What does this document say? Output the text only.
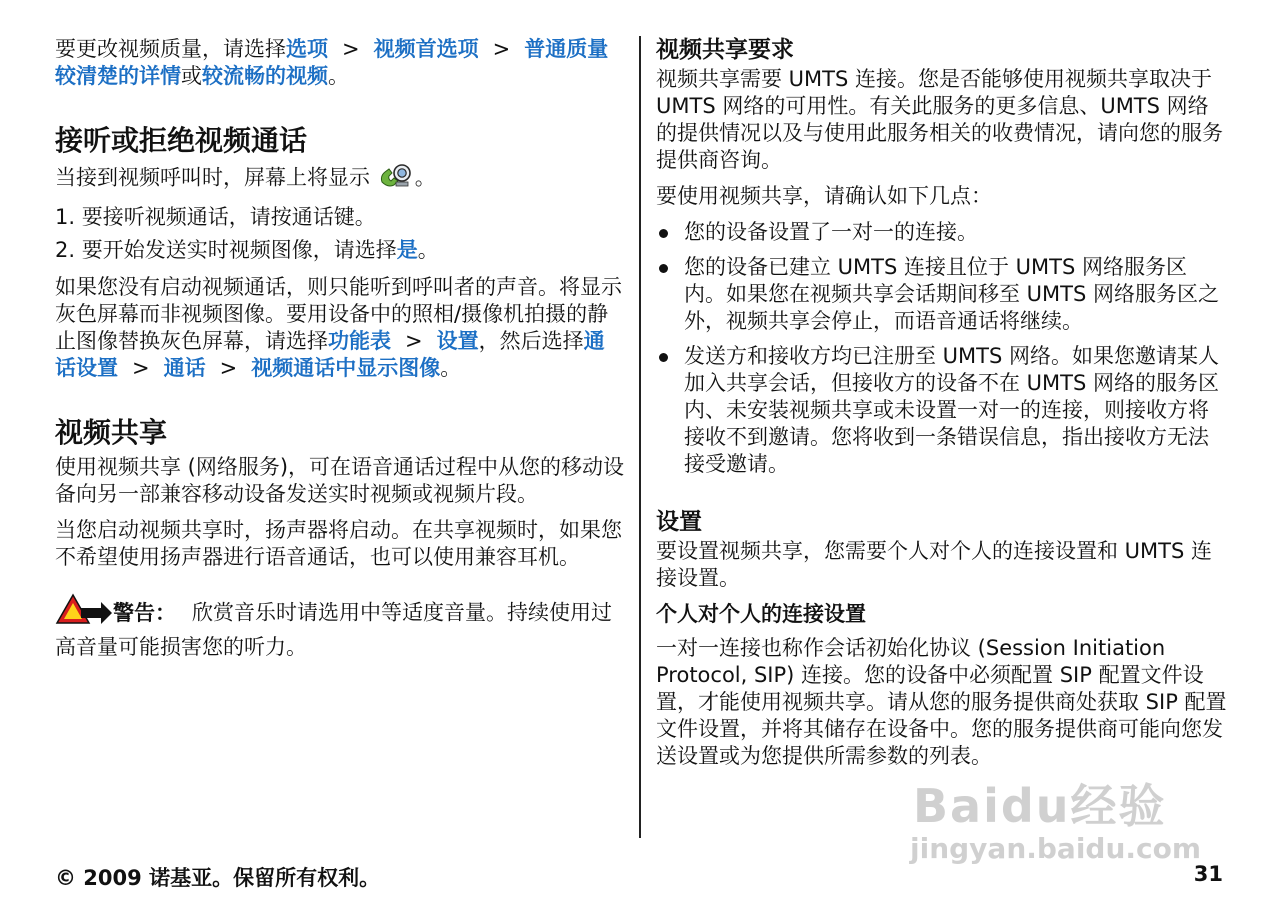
要更改视频质量，请选择选项 > 视频首选项 > 普通质量较清楚的详情或较流畅的视频。

接听或拒绝视频通话

当接到视频呼叫时，屏幕上将显示 。

1. 要接听视频通话，请按通话键。
2. 要开始发送实时视频图像，请选择是。

如果您没有启动视频通话，则只能听到呼叫者的声音。将显示灰色屏幕而非视频图像。要用设备中的照相/摄像机拍摄的静止图像替换灰色屏幕，请选择功能表 > 设置，然后选择通话设置 > 通话 > 视频通话中显示图像。

视频共享

使用视频共享 (网络服务)，可在语音通话过程中从您的移动设备向另一部兼容移动设备发送实时视频或视频片段。

当您启动视频共享时，扬声器将启动。在共享视频时，如果您不希望使用扬声器进行语音通话，也可以使用兼容耳机。

警告： 欣赏音乐时请选用中等适度音量。持续使用过高音量可能损害您的听力。
视频共享要求

视频共享需要 UMTS 连接。您是否能够使用视频共享取决于 UMTS 网络的可用性。有关此服务的更多信息、UMTS 网络的提供情况以及与使用此服务相关的收费情况，请向您的服务提供商咨询。

要使用视频共享，请确认如下几点：

您的设备设置了一对一的连接。
您的设备已建立 UMTS 连接且位于 UMTS 网络服务区内。如果您在视频共享会话期间移至 UMTS 网络服务区之外，视频共享会停止，而语音通话将继续。
发送方和接收方均已注册至 UMTS 网络。如果您邀请某人加入共享会话，但接收方的设备不在 UMTS 网络的服务区内、未安装视频共享或未设置一对一的连接，则接收方将接收不到邀请。您将收到一条错误信息，指出接收方无法接受邀请。
设置

要设置视频共享，您需要个人对个人的连接设置和 UMTS 连接设置。

个人对个人的连接设置

一对一连接也称作会话初始化协议 (Session Initiation Protocol, SIP) 连接。您的设备中必须配置 SIP 配置文件设置，才能使用视频共享。请从您的服务提供商处获取 SIP 配置文件设置，并将其储存在设备中。您的服务提供商可能向您发送设置或为您提供所需参数的列表。

© 2009 诺基亚。保留所有权利。	31
Baidu经验
jingyan.baidu.com
